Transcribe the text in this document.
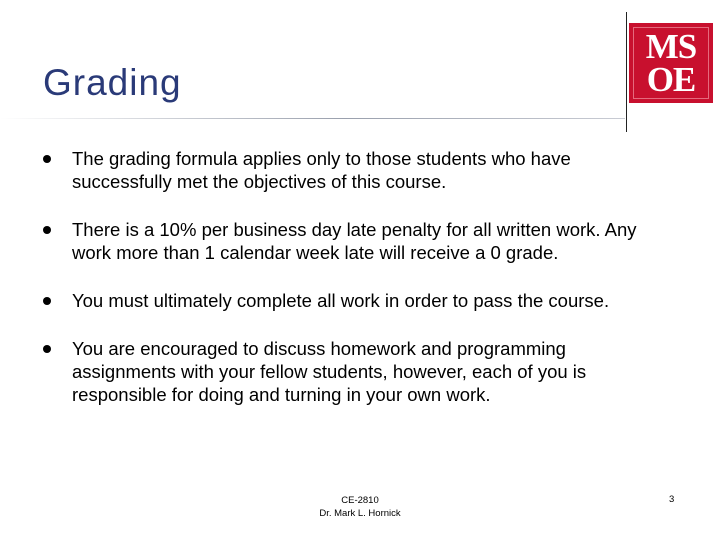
Grading
MS
OE
The grading formula applies only to those students who have successfully met the objectives of this course.
There is a 10% per business day late penalty for all written work. Any work more than 1 calendar week late will receive a 0 grade.
You must ultimately complete all work in order to pass the course.
You are encouraged to discuss homework and programming assignments with your fellow students, however, each of you is responsible for doing and turning in your own work.
CE-2810
Dr. Mark L. Hornick
3
